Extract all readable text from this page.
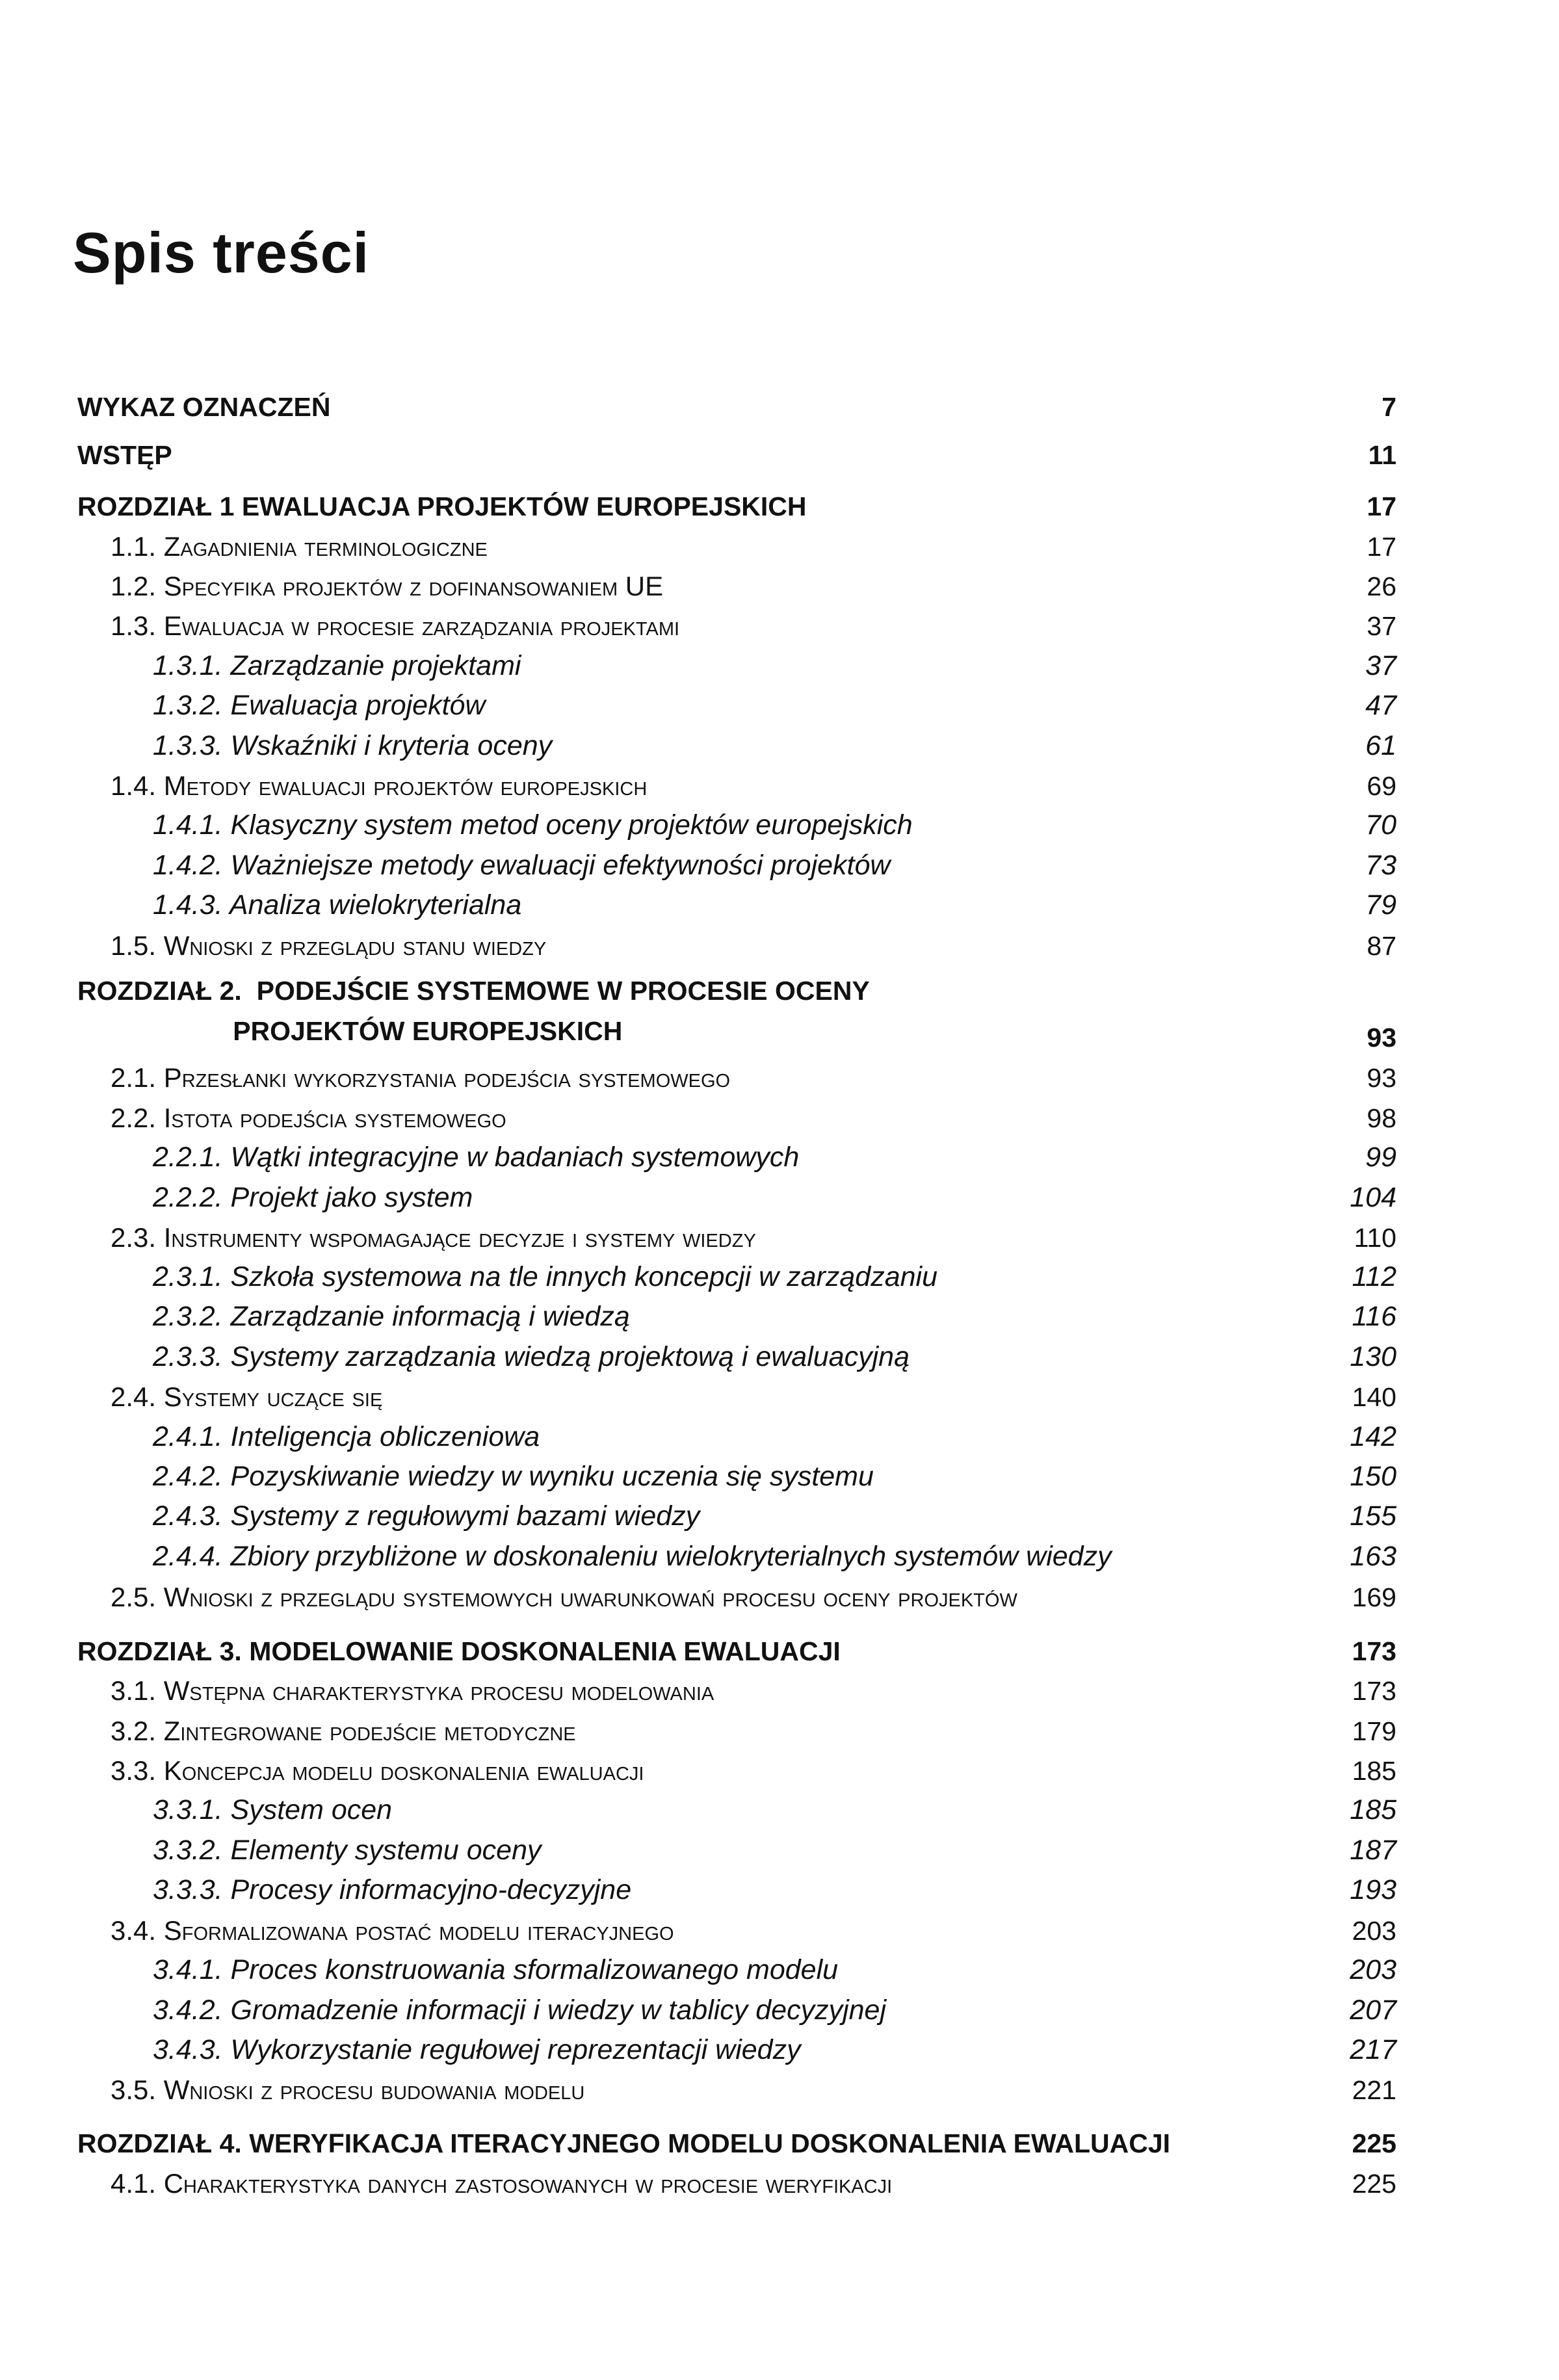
Spis treści
WYKAZ OZNACZEŃ	7
WSTĘP	11
ROZDZIAŁ 1 EWALUACJA PROJEKTÓW EUROPEJSKICH	17
1.1. Zagadnienia terminologiczne	17
1.2. Specyfika projektów z dofinansowaniem UE	26
1.3. Ewaluacja w procesie zarządzania projektami	37
1.3.1. Zarządzanie projektami	37
1.3.2. Ewaluacja projektów	47
1.3.3. Wskaźniki i kryteria oceny	61
1.4. Metody ewaluacji projektów europejskich	69
1.4.1. Klasyczny system metod oceny projektów europejskich	70
1.4.2. Ważniejsze metody ewaluacji efektywności projektów	73
1.4.3. Analiza wielokryterialna	79
1.5. Wnioski z przeglądu stanu wiedzy	87
ROZDZIAŁ 2.  PODEJŚCIE SYSTEMOWE W PROCESIE OCENY
PROJEKTÓW EUROPEJSKICH	93
2.1. Przesłanki wykorzystania podejścia systemowego	93
2.2. Istota podejścia systemowego	98
2.2.1. Wątki integracyjne w badaniach systemowych	99
2.2.2. Projekt jako system	104
2.3. Instrumenty wspomagające decyzje i systemy wiedzy	110
2.3.1. Szkoła systemowa na tle innych koncepcji w zarządzaniu	112
2.3.2. Zarządzanie informacją i wiedzą	116
2.3.3. Systemy zarządzania wiedzą projektową i ewaluacyjną	130
2.4. Systemy uczące się	140
2.4.1. Inteligencja obliczeniowa	142
2.4.2. Pozyskiwanie wiedzy w wyniku uczenia się systemu	150
2.4.3. Systemy z regułowymi bazami wiedzy	155
2.4.4. Zbiory przybliżone w doskonaleniu wielokryterialnych systemów wiedzy	163
2.5. Wnioski z przeglądu systemowych uwarunkowań procesu oceny projektów	169
ROZDZIAŁ 3. MODELOWANIE DOSKONALENIA EWALUACJI	173
3.1. Wstępna charakterystyka procesu modelowania	173
3.2. Zintegrowane podejście metodyczne	179
3.3. Koncepcja modelu doskonalenia ewaluacji	185
3.3.1. System ocen	185
3.3.2. Elementy systemu oceny	187
3.3.3. Procesy informacyjno-decyzyjne	193
3.4. Sformalizowana postać modelu iteracyjnego	203
3.4.1. Proces konstruowania sformalizowanego modelu	203
3.4.2. Gromadzenie informacji i wiedzy w tablicy decyzyjnej	207
3.4.3. Wykorzystanie regułowej reprezentacji wiedzy	217
3.5. Wnioski z procesu budowania modelu	221
ROZDZIAŁ 4. WERYFIKACJA ITERACYJNEGO MODELU DOSKONALENIA EWALUACJI	225
4.1. Charakterystyka danych zastosowanych w procesie weryfikacji	225
